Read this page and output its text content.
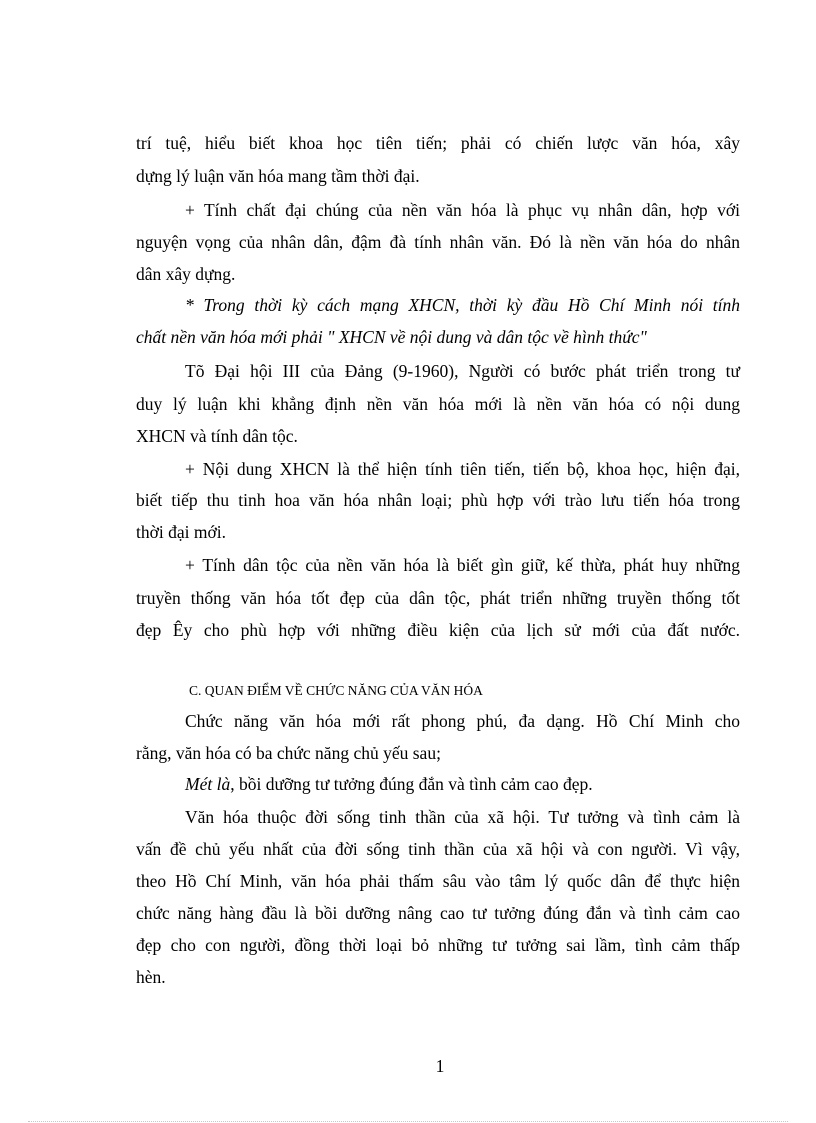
trí tuệ, hiểu biết khoa học tiên tiến; phải có chiến lược văn hóa, xây

dựng lý luận văn hóa mang tầm thời đại.

+ Tính chất đại chúng của nền văn hóa là phục vụ nhân dân, hợp với

nguyện vọng của nhân dân, đậm đà tính nhân văn. Đó là nền văn hóa do nhân

dân xây dựng.

* Trong thời kỳ cách mạng XHCN, thời kỳ đầu Hồ Chí Minh nói tính

chất nền văn hóa mới phải " XHCN về nội dung và dân tộc về hình thức"

Tõ Đại hội III của Đảng (9-1960), Người có bước phát triển trong tư

duy lý luận khi khẳng định nền văn hóa mới là nền văn hóa có nội dung

XHCN và tính dân tộc.

+ Nội dung XHCN là thể hiện tính tiên tiến, tiến bộ, khoa học, hiện đại,

biết tiếp thu tinh hoa văn hóa nhân loại; phù hợp với trào lưu tiến hóa trong

thời đại mới.

+ Tính dân tộc của nền văn hóa là biết gìn giữ, kế thừa, phát huy những

truyền thống văn hóa tốt đẹp của dân tộc, phát triển những truyền thống tốt

đẹp Êy cho phù hợp với những điều kiện của lịch sử mới của đất nước.

C. QUAN ĐIỂM VỀ CHỨC NĂNG CỦA VĂN HÓA

Chức năng văn hóa mới rất phong phú, đa dạng. Hồ Chí Minh cho

rằng, văn hóa có ba chức năng chủ yếu sau;

Mét là, bồi dưỡng tư tưởng đúng đắn và tình cảm cao đẹp.

Văn hóa thuộc đời sống tinh thần của xã hội. Tư tưởng và tình cảm là

vấn đề chủ yếu nhất của đời sống tinh thần của xã hội và con người. Vì vậy,

theo Hồ Chí Minh, văn hóa phải thấm sâu vào tâm lý quốc dân để thực hiện

chức năng hàng đầu là bồi dưỡng nâng cao tư tưởng đúng đắn và tình cảm cao

đẹp cho con người, đồng thời loại bỏ những tư tưởng sai lầm, tình cảm thấp

hèn.

1
